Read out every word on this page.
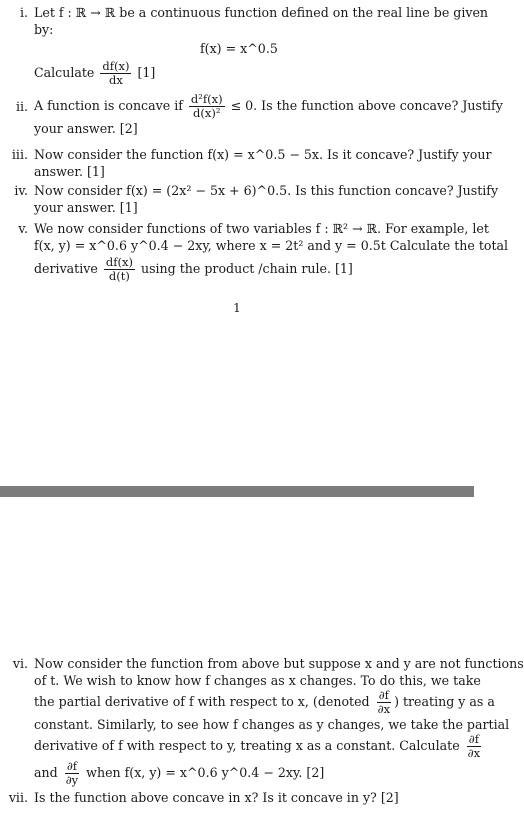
i. Let f : ℝ → ℝ be a continuous function defined on the real line be given
by:
f(x) = x^0.5
Calculate $\frac{df(x)}{dx} [1]$
ii. A function is concave if $\frac{\text{d²f(x)}}{\text{d(x)²}} \le 0$. Is the function above concave? Justify
your answer. [2]
iii. Now consider the function f(x) = x^0.5 − 5x. Is it concave? Justify your
answer. [1]
iv. Now consider f(x) = (2x² − 5x + 6)^0.5. Is this function concave? Justify
your answer. [1]
v. We now consider functions of two variables f : ℝ² → ℝ. For example, let
f(x, y) = x^0.6 y^0.4 − 2xy, where x = 2t² and y = 0.5t Calculate the total
derivative $\frac{df(x)}{d(t)}$ using the product /chain rule. [1]
1
vi. Now consider the function from above but suppose x and y are not functions
of t. We wish to know how f changes as x changes. To do this, we take
the partial derivative of f with respect to x, (denoted $\frac{\partial f}{\partial x}$ ) treating y as a
constant. Similarly, to see how f changes as y changes, we take the partial
derivative of f with respect to y, treating x as a constant. Calculate $\frac{\partial f}{\partial x}$
and $\frac{\partial f}{\partial y}$ when f(x, y) = x^0.6 y^0.4 − 2xy. [2]
vii. Is the function above concave in x? Is it concave in y? [2]
